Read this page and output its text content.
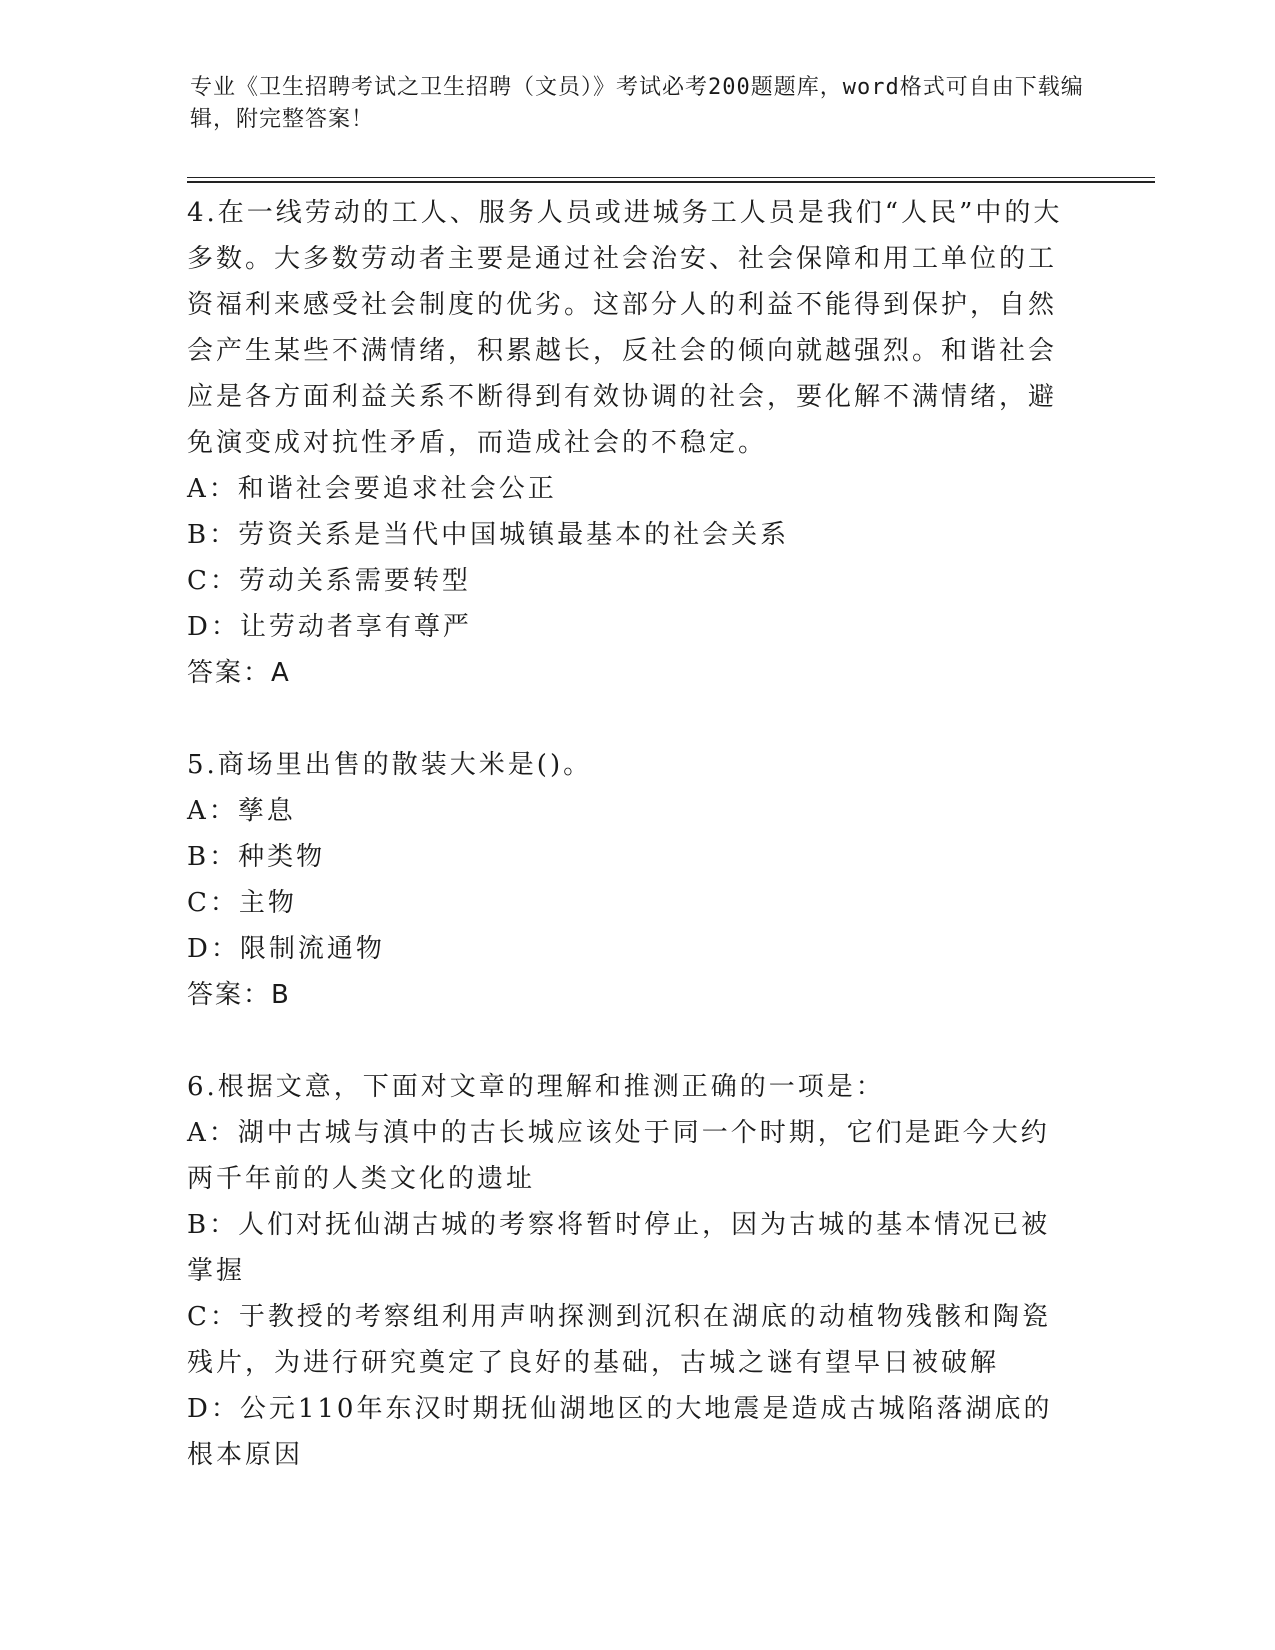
专业《卫生招聘考试之卫生招聘（文员）》考试必考200题题库，word格式可自由下载编辑，附完整答案！

4.在一线劳动的工人、服务人员或进城务工人员是我们“人民”中的大多数。大多数劳动者主要是通过社会治安、社会保障和用工单位的工资福利来感受社会制度的优劣。这部分人的利益不能得到保护，自然会产生某些不满情绪，积累越长，反社会的倾向就越强烈。和谐社会应是各方面利益关系不断得到有效协调的社会，要化解不满情绪，避免演变成对抗性矛盾，而造成社会的不稳定。

A：和谐社会要追求社会公正

B：劳资关系是当代中国城镇最基本的社会关系

C：劳动关系需要转型

D：让劳动者享有尊严

答案：A

5.商场里出售的散装大米是()。

A：孳息

B：种类物

C：主物

D：限制流通物

答案：B

6.根据文意，下面对文章的理解和推测正确的一项是：

A：湖中古城与滇中的古长城应该处于同一个时期，它们是距今大约两千年前的人类文化的遗址

B：人们对抚仙湖古城的考察将暂时停止，因为古城的基本情况已被掌握

C：于教授的考察组利用声呐探测到沉积在湖底的动植物残骸和陶瓷残片，为进行研究奠定了良好的基础，古城之谜有望早日被破解

D：公元110年东汉时期抚仙湖地区的大地震是造成古城陷落湖底的根本原因
